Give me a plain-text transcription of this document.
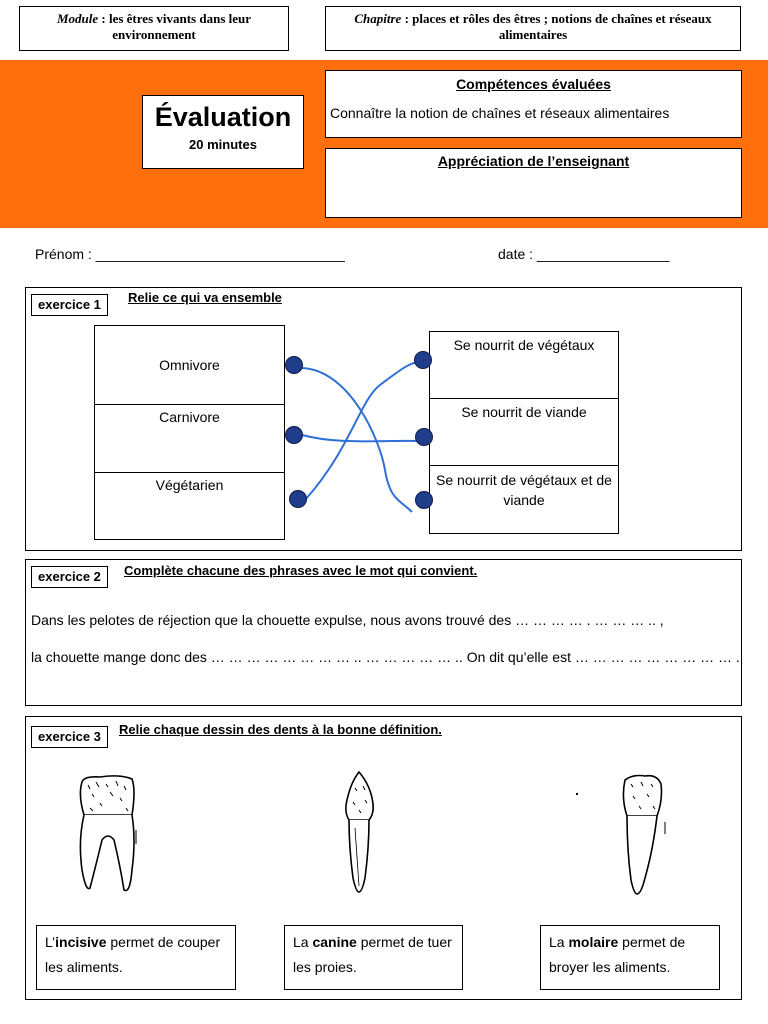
Module : les êtres vivants dans leur environnement
Chapitre : places et rôles des êtres ; notions de chaînes et réseaux alimentaires
Évaluation
20 minutes
Compétences évaluées
Connaître la notion de chaînes et réseaux alimentaires
Appréciation de l’enseignant
Prénom : ________________________________	date : _________________
exercice 1	Relie ce qui va ensemble
Omnivore
Carnivore
Végétarien
Se nourrit de végétaux
Se nourrit de viande
Se nourrit de végétaux et de viande
exercice 2	Complète chacune des phrases avec le mot qui convient.
Dans les pelotes de réjection que la chouette expulse, nous avons trouvé des … … … … . … … … .. ,
la chouette mange donc des … … … … … … … … .. … … … … … .. On dit qu’elle est … … … … … … … … … .
exercice 3	Relie chaque dessin des dents à la bonne définition.
L’incisive permet de couper les aliments.
La canine permet de tuer les proies.
La molaire permet de broyer les aliments.
